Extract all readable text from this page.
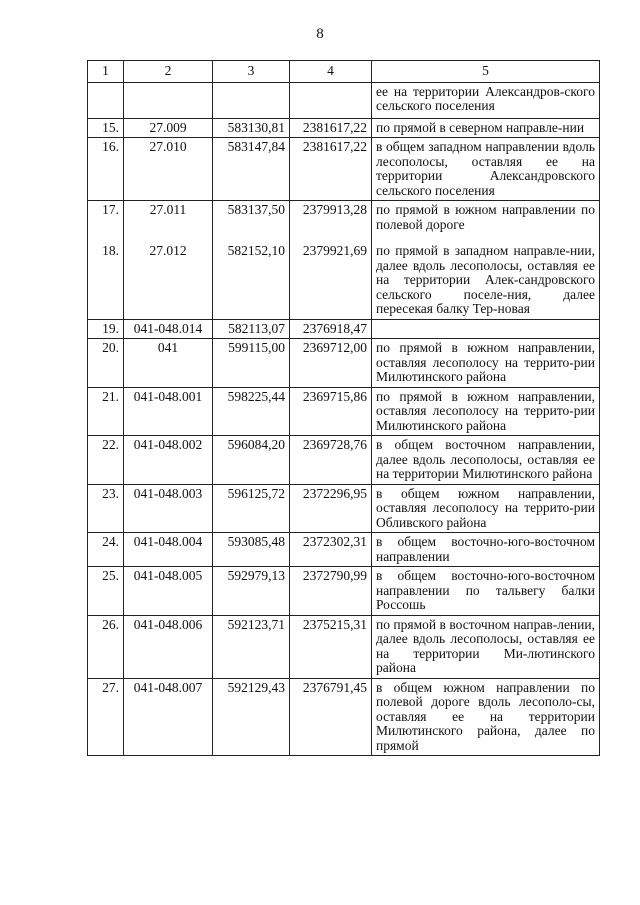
8
1	2	3	4	5
				ее на территории Александров-ского сельского поселения
15.	27.009	583130,81	2381617,22	по прямой в северном направле-нии
16.	27.010	583147,84	2381617,22	в общем западном направлении вдоль лесополосы, оставляя ее на территории Александровского сельского поселения
17.	27.011	583137,50	2379913,28	по прямой в южном направлении по полевой дороге
18.	27.012	582152,10	2379921,69	по прямой в западном направле-нии, далее вдоль лесополосы, оставляя ее на территории Алек-сандровского сельского поселе-ния, далее пересекая балку Тер-новая
19.	041-048.014	582113,07	2376918,47	
20.	041	599115,00	2369712,00	по прямой в южном направлении, оставляя лесополосу на террито-рии Милютинского района
21.	041-048.001	598225,44	2369715,86	по прямой в южном направлении, оставляя лесополосу на террито-рии Милютинского района
22.	041-048.002	596084,20	2369728,76	в общем восточном направлении, далее вдоль лесополосы, оставляя ее на территории Милютинского района
23.	041-048.003	596125,72	2372296,95	в общем южном направлении, оставляя лесополосу на террито-рии Обливского района
24.	041-048.004	593085,48	2372302,31	в общем восточно-юго-восточном направлении
25.	041-048.005	592979,13	2372790,99	в общем восточно-юго-восточном направлении по тальвегу балки Россошь
26.	041-048.006	592123,71	2375215,31	по прямой в восточном направ-лении, далее вдоль лесополосы, оставляя ее на территории Ми-лютинского района
27.	041-048.007	592129,43	2376791,45	в общем южном направлении по полевой дороге вдоль лесополо-сы, оставляя ее на территории Милютинского района, далее по прямой
